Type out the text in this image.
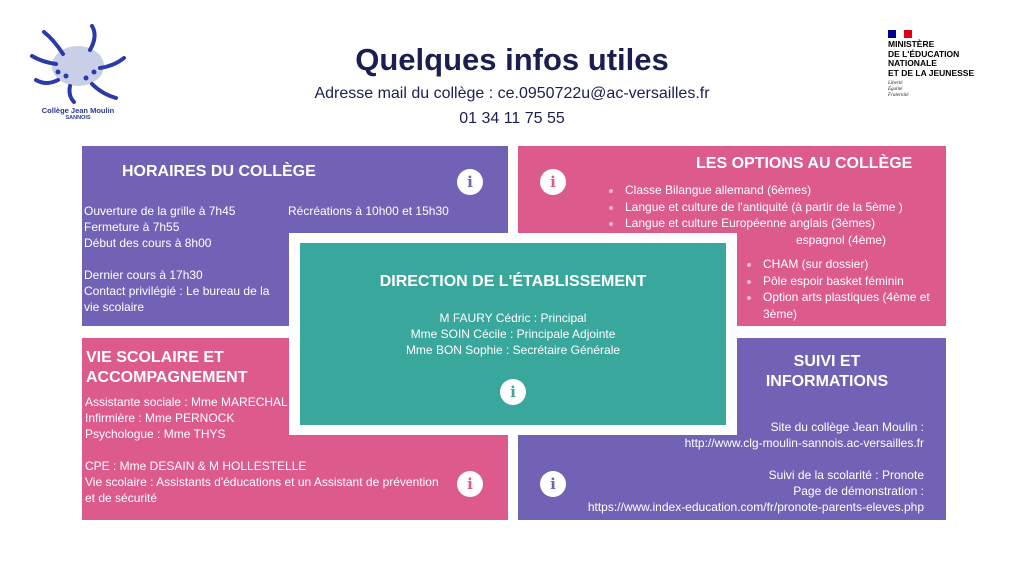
Collège Jean Moulin
SANNOIS
Quelques infos utiles
Adresse mail du collège : ce.0950722u@ac-versailles.fr
01 34 11 75 55
MINISTÈRE
DE L'ÉDUCATION
NATIONALE
ET DE LA JEUNESSE
Liberté
Égalité
Fraternité
HORAIRES DU COLLÈGE
i
Récréations à 10h00 et 15h30
Ouverture de la grille à 7h45
Fermeture à 7h55
Début des cours à 8h00
Dernier cours à 17h30
Contact privilégié : Le bureau de la
vie scolaire
LES OPTIONS AU COLLÈGE
i
•	Classe Bilangue allemand (6èmes)
• Langue et culture de l'antiquité (à partir de la 5ème )
• Langue et culture Européenne anglais (3èmes)
espagnol (4ème)
• CHAM (sur dossier)
• Pôle espoir basket féminin
• Option arts plastiques (4ème et 3ème)
VIE SCOLAIRE ET
ACCOMPAGNEMENT
Assistante sociale : Mme MARECHAL
Infirmière : Mme PERNOCK
Psychologue : Mme THYS
CPE : Mme DESAIN & M HOLLESTELLE
Vie scolaire : Assistants d'éducations et un Assistant de prévention
et de sécurité
i
SUIVI ET
INFORMATIONS
Site du collège Jean Moulin :
http://www.clg-moulin-sannois.ac-versailles.fr
Suivi de la scolarité : Pronote
Page de démonstration :
https://www.index-education.com/fr/pronote-parents-eleves.php
i
DIRECTION DE L'ÉTABLISSEMENT
M FAURY Cédric : Principal
Mme SOIN Cécile : Principale Adjointe
Mme BON Sophie : Secrétaire Générale
i
